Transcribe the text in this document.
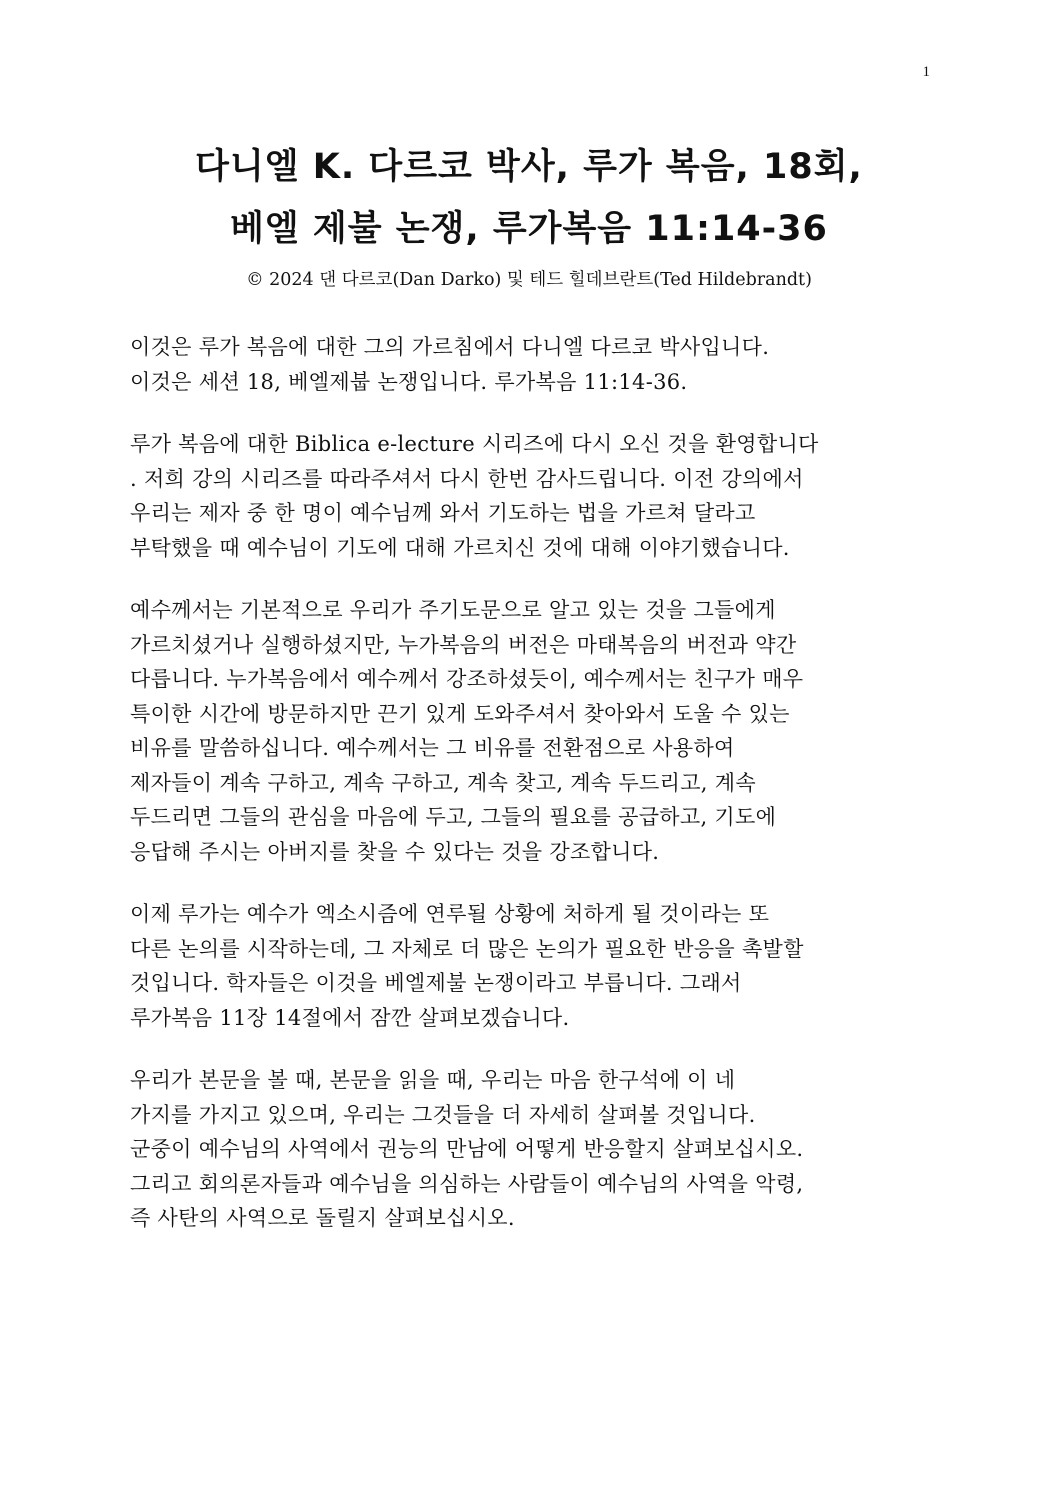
1
다니엘 K. 다르코 박사, 루가 복음, 18회,
베엘 제불 논쟁, 루가복음 11:14-36
© 2024 댄 다르코(Dan Darko) 및 테드 힐데브란트(Ted Hildebrandt)
이것은 루가 복음에 대한 그의 가르침에서 다니엘 다르코 박사입니다.
이것은 세션 18, 베엘제붑 논쟁입니다. 루가복음 11:14-36.
루가 복음에 대한 Biblica e-lecture 시리즈에 다시 오신 것을 환영합니다
. 저희 강의 시리즈를 따라주셔서 다시 한번 감사드립니다. 이전 강의에서
우리는 제자 중 한 명이 예수님께 와서 기도하는 법을 가르쳐 달라고
부탁했을 때 예수님이 기도에 대해 가르치신 것에 대해 이야기했습니다.
예수께서는 기본적으로 우리가 주기도문으로 알고 있는 것을 그들에게
가르치셨거나 실행하셨지만, 누가복음의 버전은 마태복음의 버전과 약간
다릅니다. 누가복음에서 예수께서 강조하셨듯이, 예수께서는 친구가 매우
특이한 시간에 방문하지만 끈기 있게 도와주셔서 찾아와서 도울 수 있는
비유를 말씀하십니다. 예수께서는 그 비유를 전환점으로 사용하여
제자들이 계속 구하고, 계속 구하고, 계속 찾고, 계속 두드리고, 계속
두드리면 그들의 관심을 마음에 두고, 그들의 필요를 공급하고, 기도에
응답해 주시는 아버지를 찾을 수 있다는 것을 강조합니다.
이제 루가는 예수가 엑소시즘에 연루될 상황에 처하게 될 것이라는 또
다른 논의를 시작하는데, 그 자체로 더 많은 논의가 필요한 반응을 촉발할
것입니다. 학자들은 이것을 베엘제불 논쟁이라고 부릅니다. 그래서
루가복음 11장 14절에서 잠깐 살펴보겠습니다.
우리가 본문을 볼 때, 본문을 읽을 때, 우리는 마음 한구석에 이 네
가지를 가지고 있으며, 우리는 그것들을 더 자세히 살펴볼 것입니다.
군중이 예수님의 사역에서 권능의 만남에 어떻게 반응할지 살펴보십시오.
그리고 회의론자들과 예수님을 의심하는 사람들이 예수님의 사역을 악령,
즉 사탄의 사역으로 돌릴지 살펴보십시오.
